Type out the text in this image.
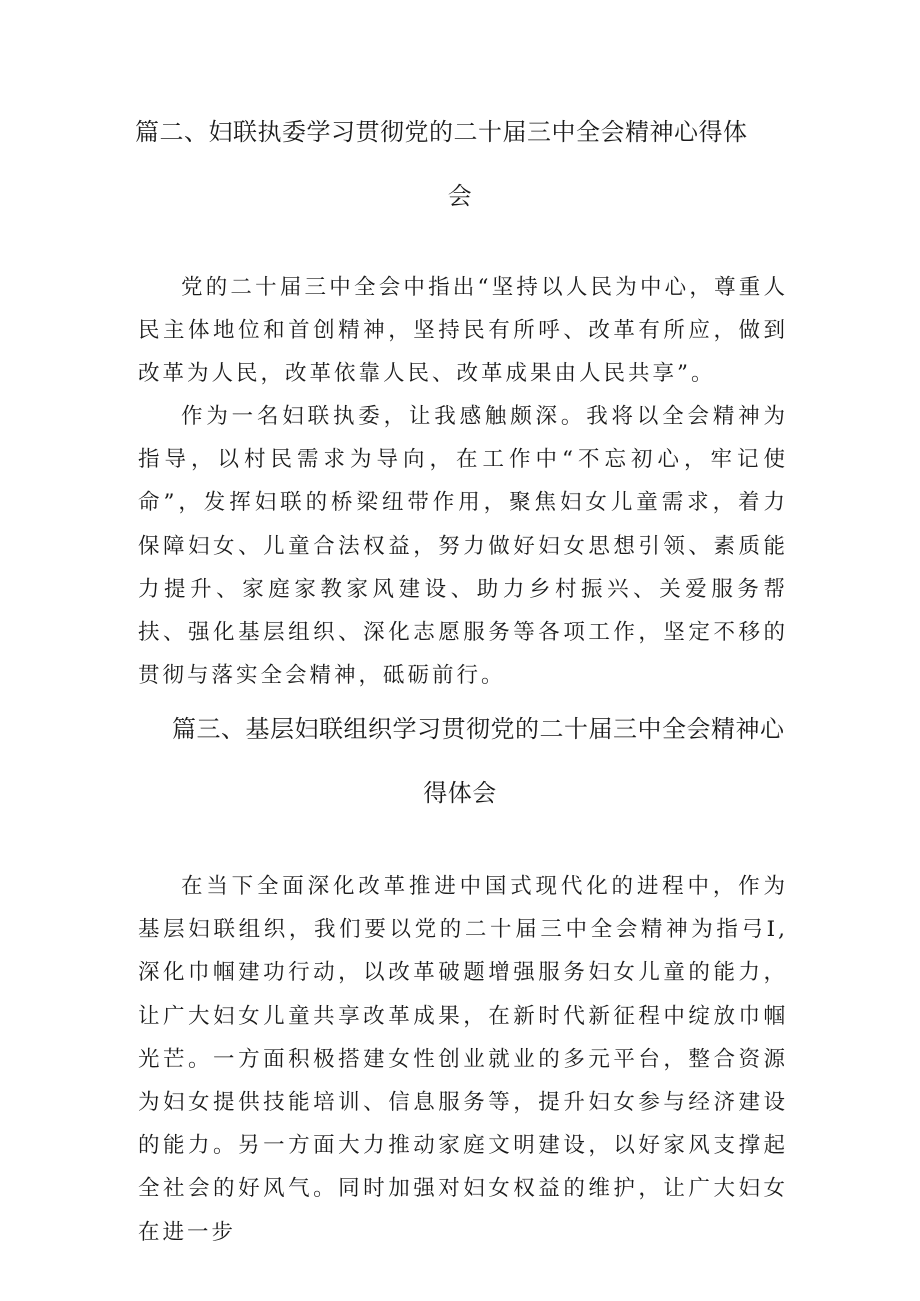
篇二、妇联执委学习贯彻党的二十届三中全会精神心得体
会

党的二十届三中全会中指出“坚持以人民为中心，尊重人民主体地位和首创精神，坚持民有所呼、改革有所应，做到改革为人民，改革依靠人民、改革成果由人民共享”。

作为一名妇联执委，让我感触颇深。我将以全会精神为指导，以村民需求为导向，在工作中“不忘初心，牢记使命”，发挥妇联的桥梁纽带作用，聚焦妇女儿童需求，着力保障妇女、儿童合法权益，努力做好妇女思想引领、素质能力提升、家庭家教家风建设、助力乡村振兴、关爱服务帮扶、强化基层组织、深化志愿服务等各项工作，坚定不移的贯彻与落实全会精神，砥砺前行。

篇三、基层妇联组织学习贯彻党的二十届三中全会精神心
得体会

在当下全面深化改革推进中国式现代化的进程中，作为基层妇联组织，我们要以党的二十届三中全会精神为指弓I,深化巾帼建功行动，以改革破题增强服务妇女儿童的能力，让广大妇女儿童共享改革成果，在新时代新征程中绽放巾帼光芒。一方面积极搭建女性创业就业的多元平台，整合资源为妇女提供技能培训、信息服务等，提升妇女参与经济建设的能力。另一方面大力推动家庭文明建设，以好家风支撑起全社会的好风气。同时加强对妇女权益的维护，让广大妇女在进一步
